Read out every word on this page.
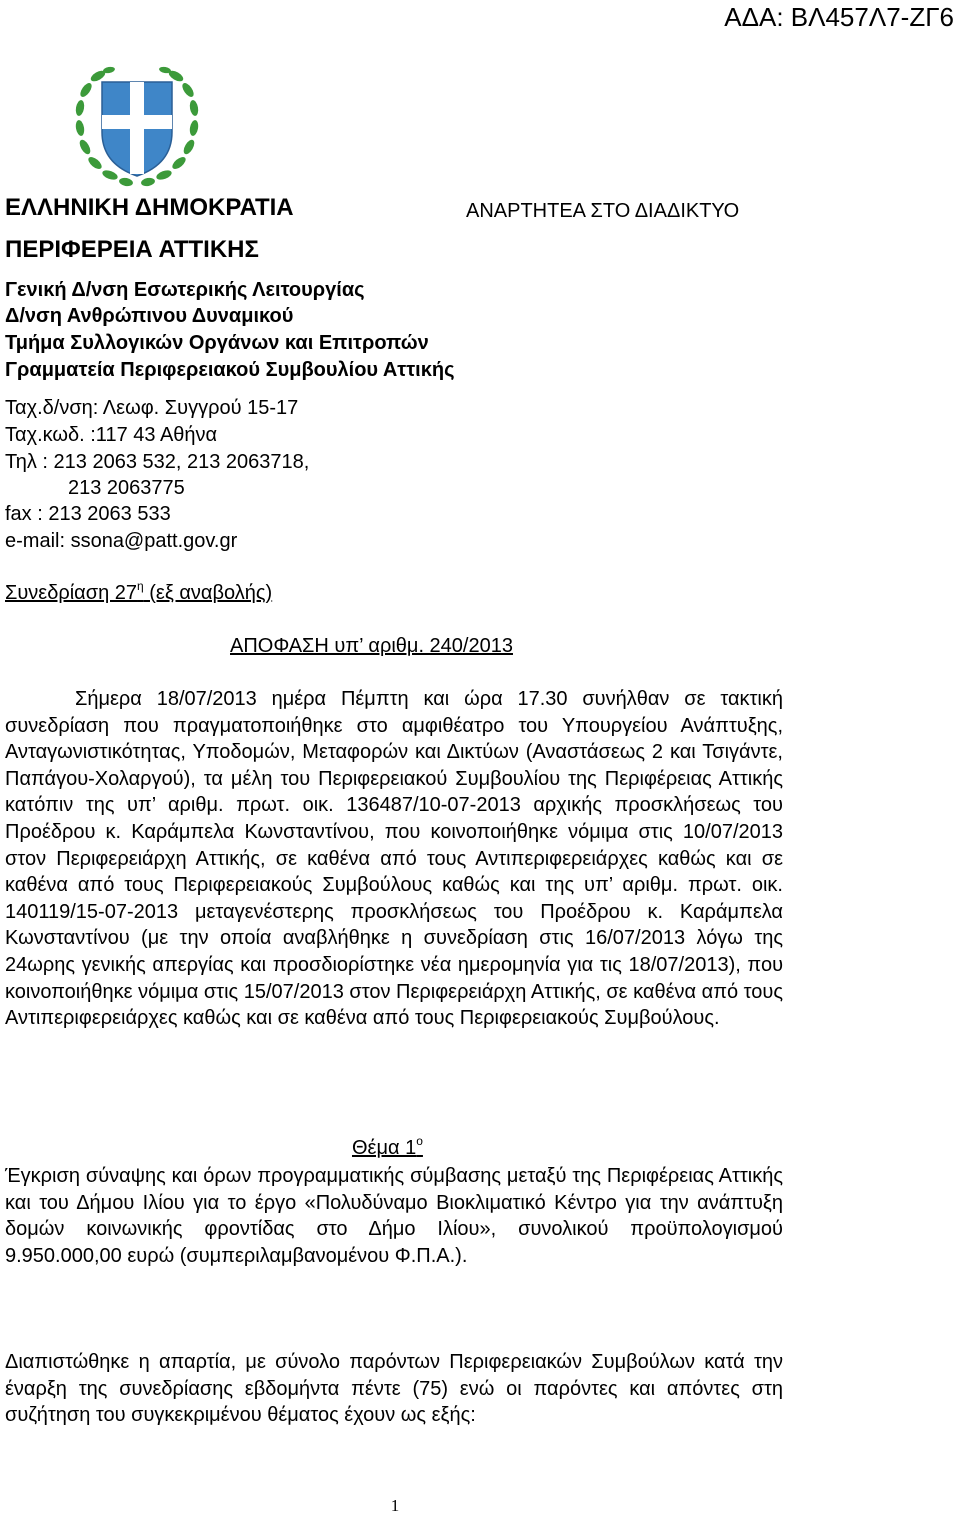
ΑΔΑ: ΒΛ457Λ7-ΖΓ6
ΕΛΛΗΝΙΚΗ ΔΗΜΟΚΡΑΤΙΑ	ΑΝΑΡΤΗΤΕΑ ΣΤΟ ΔΙΑΔΙΚΤΥΟ
ΠΕΡΙΦΕΡΕΙΑ ΑΤΤΙΚΗΣ
Γενική Δ/νση Εσωτερικής Λειτουργίας
Δ/νση Ανθρώπινου Δυναμικού
Τμήμα Συλλογικών Οργάνων και Επιτροπών
Γραμματεία Περιφερειακού Συμβουλίου Αττικής
Ταχ.δ/νση: Λεωφ. Συγγρού 15-17
Ταχ.κωδ. :117 43 Αθήνα
Τηλ : 213 2063 532, 213 2063718,
213 2063775
fax : 213 2063 533
e-mail: ssona@patt.gov.gr
Συνεδρίαση $27^\eta$ (εξ αναβολής)
ΑΠΟΦΑΣΗ υπ’ αριθμ. 240/2013

Σήμερα 18/07/2013 ημέρα Πέμπτη και ώρα 17.30 συνήλθαν σε τακτική συνεδρίαση που πραγματοποιήθηκε στο αμφιθέατρο του Υπουργείου Ανάπτυξης, Ανταγωνιστικότητας, Υποδομών, Μεταφορών και Δικτύων (Αναστάσεως 2 και Τσιγάντε, Παπάγου-Χολαργού), τα μέλη του Περιφερειακού Συμβουλίου της Περιφέρειας Αττικής κατόπιν της υπ’ αριθμ. πρωτ. οικ. 136487/10-07-2013 αρχικής προσκλήσεως του Προέδρου κ. Καράμπελα Κωνσταντίνου, που κοινοποιήθηκε νόμιμα στις 10/07/2013 στον Περιφερειάρχη Αττικής, σε καθένα από τους Αντιπεριφερειάρχες καθώς και σε καθένα από τους Περιφερειακούς Συμβούλους καθώς και της υπ’ αριθμ. πρωτ. οικ. 140119/15-07-2013 μεταγενέστερης προσκλήσεως του Προέδρου κ. Καράμπελα Κωνσταντίνου (με την οποία αναβλήθηκε η συνεδρίαση στις 16/07/2013 λόγω της 24ωρης γενικής απεργίας και προσδιορίστηκε νέα ημερομηνία για τις 18/07/2013), που κοινοποιήθηκε νόμιμα στις 15/07/2013 στον Περιφερειάρχη Αττικής, σε καθένα από τους Αντιπεριφερειάρχες καθώς και σε καθένα από τους Περιφερειακούς Συμβούλους.

Θέμα $1^o$

Έγκριση σύναψης και όρων προγραμματικής σύμβασης μεταξύ της Περιφέρειας Αττικής και του Δήμου Ιλίου για το έργο «Πολυδύναμο Βιοκλιματικό Κέντρο για την ανάπτυξη δομών κοινωνικής φροντίδας στο Δήμο Ιλίου», συνολικού προϋπολογισμού 9.950.000,00 ευρώ (συμπεριλαμβανομένου Φ.Π.Α.).

Διαπιστώθηκε η απαρτία, με σύνολο παρόντων Περιφερειακών Συμβούλων κατά την έναρξη της συνεδρίασης εβδομήντα πέντε (75) ενώ οι παρόντες και απόντες στη συζήτηση του συγκεκριμένου θέματος έχουν ως εξής:

1
